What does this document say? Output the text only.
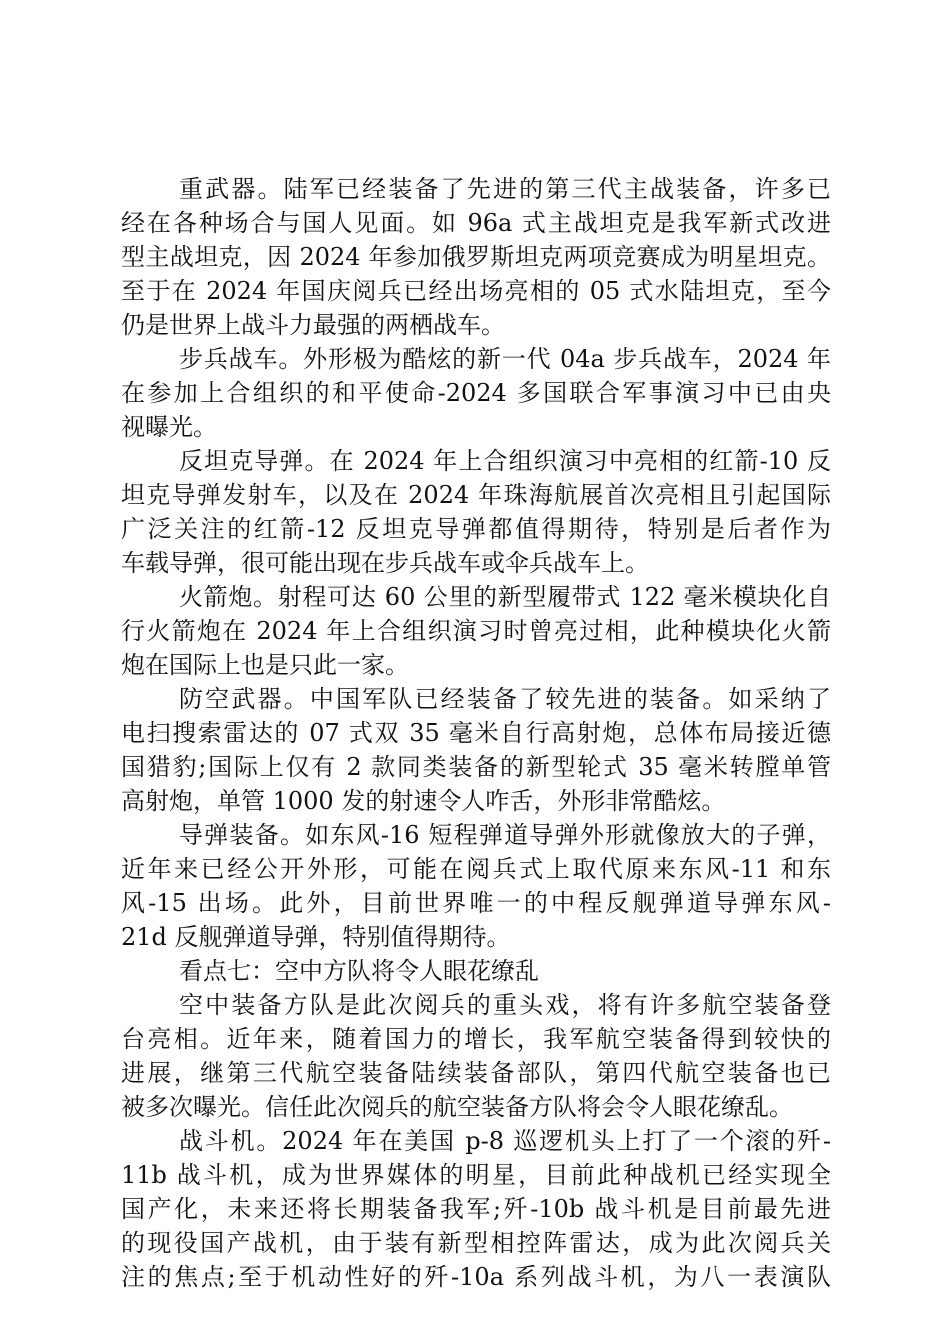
重武器。陆军已经装备了先进的第三代主战装备，许多已
经在各种场合与国人见面。如 96a 式主战坦克是我军新式改进
型主战坦克，因 2024 年参加俄罗斯坦克两项竞赛成为明星坦克。
至于在 2024 年国庆阅兵已经出场亮相的 05 式水陆坦克，至今
仍是世界上战斗力最强的两栖战车。
步兵战车。外形极为酷炫的新一代 04a 步兵战车，2024 年
在参加上合组织的和平使命-2024 多国联合军事演习中已由央
视曝光。
反坦克导弹。在 2024 年上合组织演习中亮相的红箭-10 反
坦克导弹发射车，以及在 2024 年珠海航展首次亮相且引起国际
广泛关注的红箭-12 反坦克导弹都值得期待，特别是后者作为
车载导弹，很可能出现在步兵战车或伞兵战车上。
火箭炮。射程可达 60 公里的新型履带式 122 毫米模块化自
行火箭炮在 2024 年上合组织演习时曾亮过相，此种模块化火箭
炮在国际上也是只此一家。
防空武器。中国军队已经装备了较先进的装备。如采纳了
电扫搜索雷达的 07 式双 35 毫米自行高射炮，总体布局接近德
国猎豹;国际上仅有 2 款同类装备的新型轮式 35 毫米转膛单管
高射炮，单管 1000 发的射速令人咋舌，外形非常酷炫。
导弹装备。如东风-16 短程弹道导弹外形就像放大的子弹，
近年来已经公开外形，可能在阅兵式上取代原来东风-11 和东
风-15 出场。此外，目前世界唯一的中程反舰弹道导弹东风-
21d 反舰弹道导弹，特别值得期待。
看点七：空中方队将令人眼花缭乱
空中装备方队是此次阅兵的重头戏，将有许多航空装备登
台亮相。近年来，随着国力的增长，我军航空装备得到较快的
进展，继第三代航空装备陆续装备部队，第四代航空装备也已
被多次曝光。信任此次阅兵的航空装备方队将会令人眼花缭乱。
战斗机。2024 年在美国 p-8 巡逻机头上打了一个滚的歼-
11b 战斗机，成为世界媒体的明星，目前此种战机已经实现全
国产化，未来还将长期装备我军;歼-10b 战斗机是目前最先进
的现役国产战机，由于装有新型相控阵雷达，成为此次阅兵关
注的焦点;至于机动性好的歼-10a 系列战斗机，为八一表演队
